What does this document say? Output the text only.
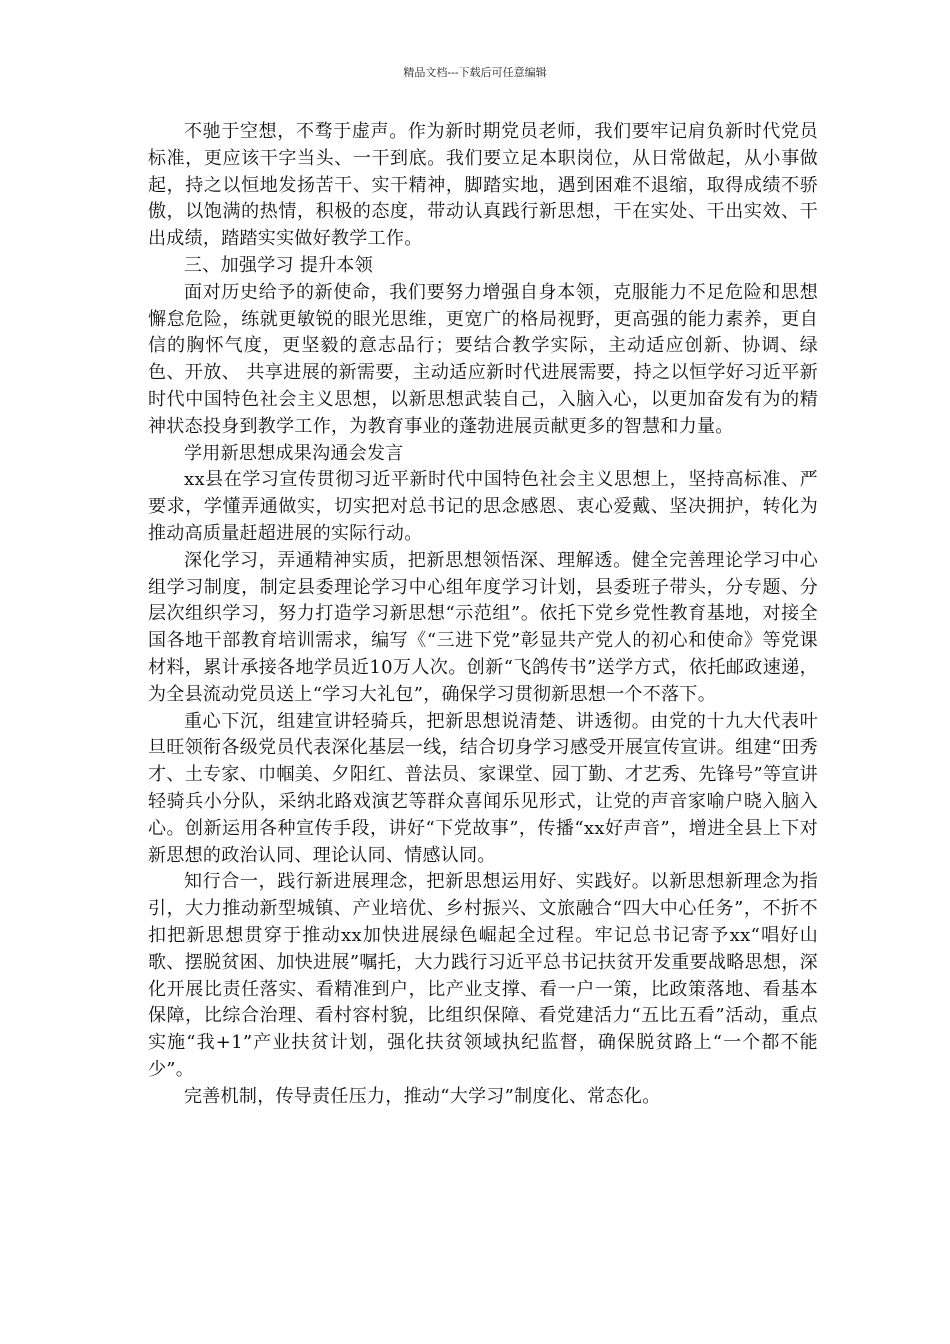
精品文档---下载后可任意编辑

不驰于空想，不骛于虚声。作为新时期党员老师，我们要牢记肩负新时代党员标准，更应该干字当头、一干到底。我们要立足本职岗位，从日常做起，从小事做起，持之以恒地发扬苦干、实干精神，脚踏实地，遇到困难不退缩，取得成绩不骄傲，以饱满的热情，积极的态度，带动认真践行新思想，干在实处、干出实效、干出成绩，踏踏实实做好教学工作。

三、加强学习 提升本领

面对历史给予的新使命，我们要努力增强自身本领，克服能力不足危险和思想懈怠危险，练就更敏锐的眼光思维，更宽广的格局视野，更高强的能力素养，更自信的胸怀气度，更坚毅的意志品行；要结合教学实际，主动适应创新、协调、绿色、开放、 共享进展的新需要，主动适应新时代进展需要，持之以恒学好习近平新时代中国特色社会主义思想，以新思想武装自己，入脑入心，以更加奋发有为的精神状态投身到教学工作，为教育事业的蓬勃进展贡献更多的智慧和力量。

学用新思想成果沟通会发言

xx县在学习宣传贯彻习近平新时代中国特色社会主义思想上，坚持高标准、严要求，学懂弄通做实，切实把对总书记的思念感恩、衷心爱戴、坚决拥护，转化为推动高质量赶超进展的实际行动。

深化学习，弄通精神实质，把新思想领悟深、理解透。健全完善理论学习中心组学习制度，制定县委理论学习中心组年度学习计划，县委班子带头，分专题、分层次组织学习，努力打造学习新思想“示范组”。依托下党乡党性教育基地，对接全国各地干部教育培训需求，编写《“三进下党”彰显共产党人的初心和使命》等党课材料，累计承接各地学员近10万人次。创新“飞鸽传书”送学方式，依托邮政速递，为全县流动党员送上“学习大礼包”，确保学习贯彻新思想一个不落下。

重心下沉，组建宣讲轻骑兵，把新思想说清楚、讲透彻。由党的十九大代表叶旦旺领衔各级党员代表深化基层一线，结合切身学习感受开展宣传宣讲。组建“田秀才、土专家、巾帼美、夕阳红、普法员、家课堂、园丁勤、才艺秀、先锋号”等宣讲轻骑兵小分队，采纳北路戏演艺等群众喜闻乐见形式，让党的声音家喻户晓入脑入心。创新运用各种宣传手段，讲好“下党故事”，传播“xx好声音”，增进全县上下对新思想的政治认同、理论认同、情感认同。

知行合一，践行新进展理念，把新思想运用好、实践好。以新思想新理念为指引，大力推动新型城镇、产业培优、乡村振兴、文旅融合“四大中心任务”，不折不扣把新思想贯穿于推动xx加快进展绿色崛起全过程。牢记总书记寄予xx“唱好山歌、摆脱贫困、加快进展”嘱托，大力践行习近平总书记扶贫开发重要战略思想，深化开展比责任落实、看精准到户，比产业支撑、看一户一策，比政策落地、看基本保障，比综合治理、看村容村貌，比组织保障、看党建活力“五比五看”活动，重点实施“我+1”产业扶贫计划，强化扶贫领域执纪监督，确保脱贫路上“一个都不能少”。

完善机制，传导责任压力，推动“大学习”制度化、常态化。
